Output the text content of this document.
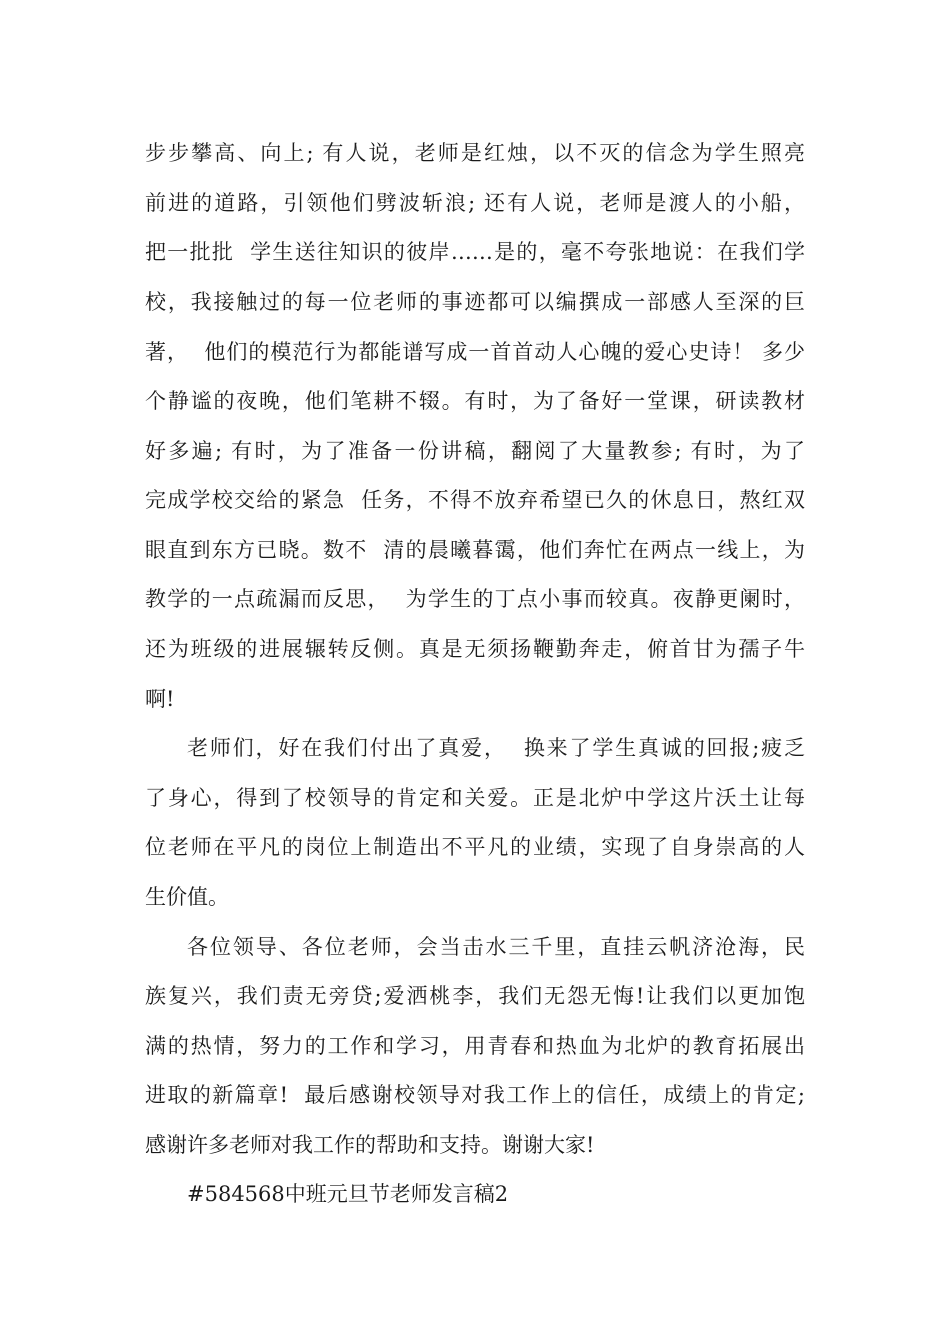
步步攀高、向上; 有人说，老师是红烛，以不灭的信念为学生照亮
前进的道路，引领他们劈波斩浪; 还有人说，老师是渡人的小船，
把一批批  学生送往知识的彼岸……是的，毫不夸张地说：在我们学
校，我接触过的每一位老师的事迹都可以编撰成一部感人至深的巨
著，  他们的模范行为都能谱写成一首首动人心魄的爱心史诗！ 多少
个静谧的夜晚，他们笔耕不辍。有时，为了备好一堂课，研读教材
好多遍; 有时，为了准备一份讲稿，翻阅了大量教参; 有时，为了
完成学校交给的紧急  任务，不得不放弃希望已久的休息日，熬红双
眼直到东方已晓。数不  清的晨曦暮霭，他们奔忙在两点一线上，为
教学的一点疏漏而反思，  为学生的丁点小事而较真。夜静更阑时，
还为班级的进展辗转反侧。真是无须扬鞭勤奔走，俯首甘为孺子牛
啊!
老师们，好在我们付出了真爱，  换来了学生真诚的回报;疲乏
了身心，得到了校领导的肯定和关爱。正是北炉中学这片沃土让每
位老师在平凡的岗位上制造出不平凡的业绩，实现了自身崇高的人
生价值。
各位领导、各位老师，会当击水三千里，直挂云帆济沧海，民
族复兴，我们责无旁贷;爱洒桃李，我们无怨无悔!让我们以更加饱
满的热情，努力的工作和学习，用青春和热血为北炉的教育拓展出
进取的新篇章!  最后感谢校领导对我工作上的信任，成绩上的肯定;
感谢许多老师对我工作的帮助和支持。谢谢大家!
#584568中班元旦节老师发言稿2
